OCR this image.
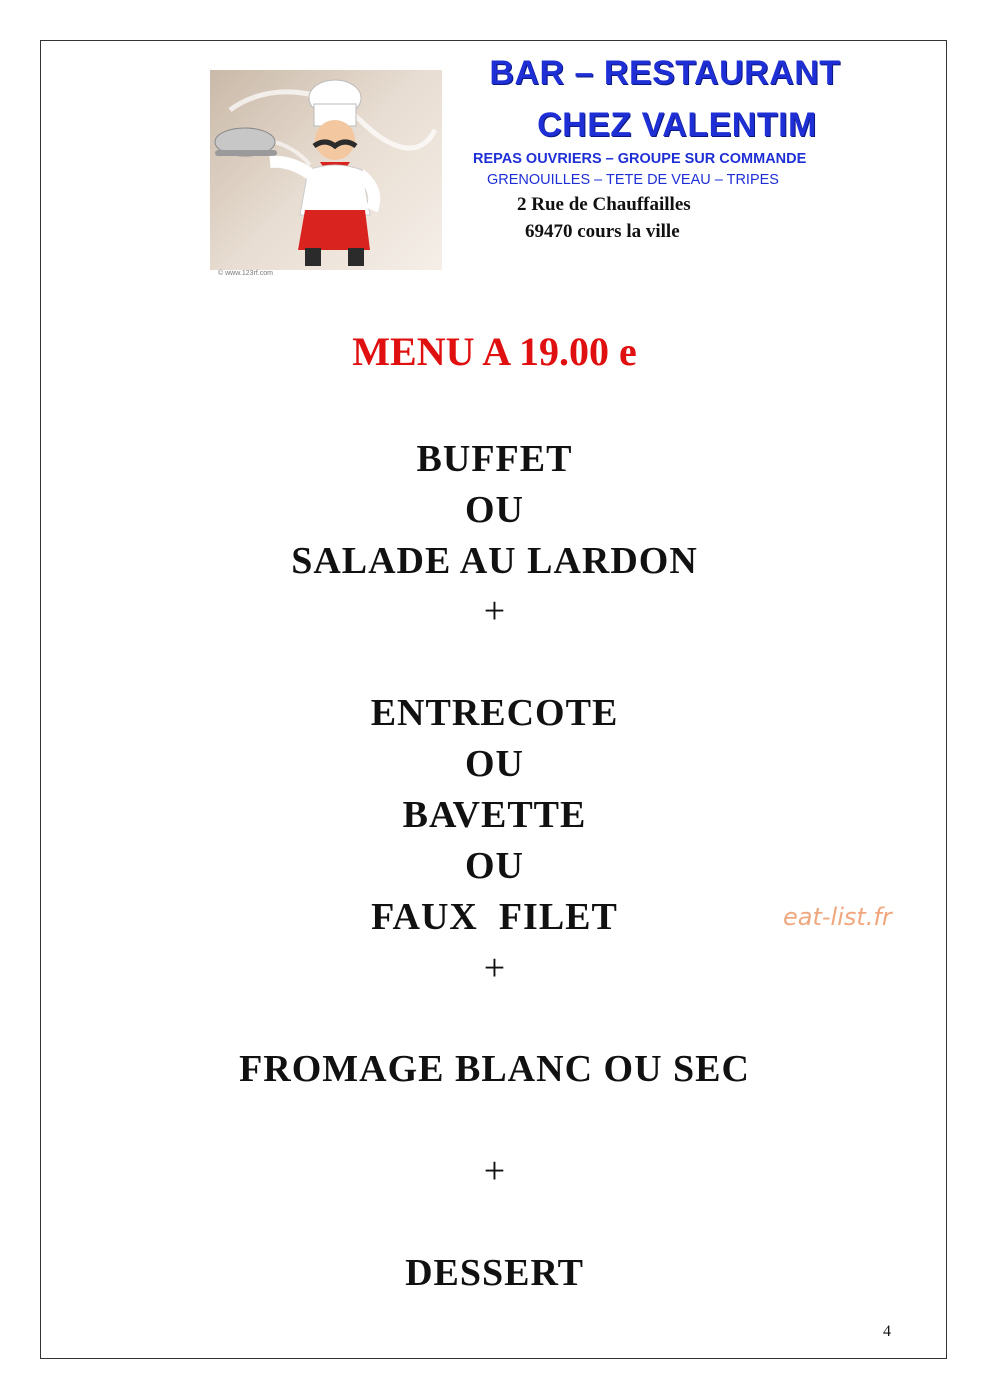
© www.123rf.com
BAR – RESTAURANT
CHEZ VALENTIM
REPAS OUVRIERS – GROUPE SUR COMMANDE
GRENOUILLES – TETE DE VEAU – TRIPES
2 Rue de Chauffailles
69470 cours la ville
MENU A 19.00 e
BUFFET
OU
SALADE AU LARDON
+
ENTRECOTE
OU
BAVETTE
OU
FAUX  FILET
+
FROMAGE BLANC OU SEC
+
DESSERT
eat-list.fr
4
